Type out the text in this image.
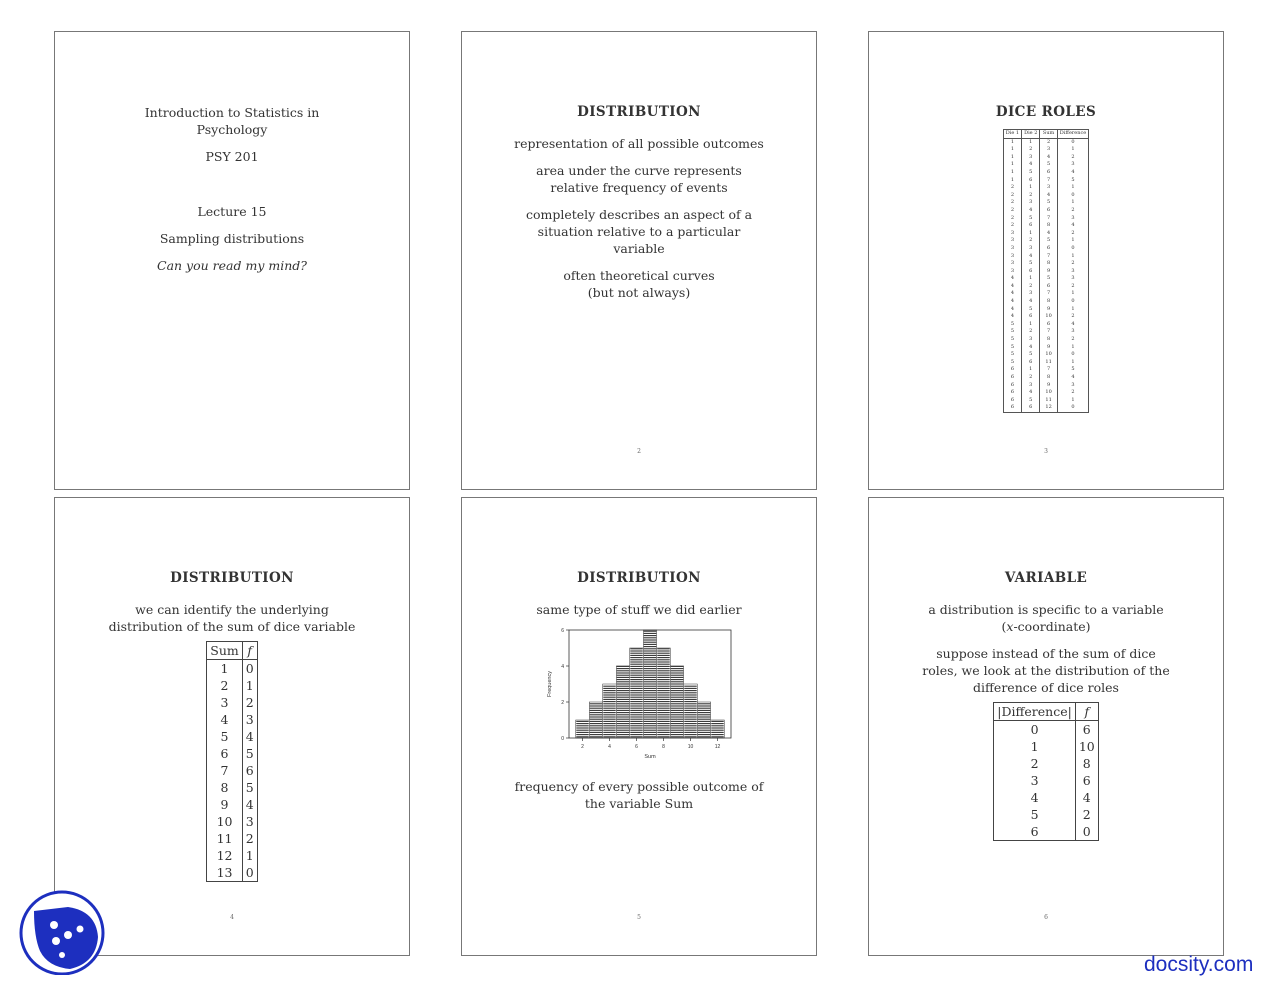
Introduction to Statistics in
Psychology

PSY 201

Lecture 15

Sampling distributions

Can you read my mind?

DISTRIBUTION

representation of all possible outcomes

area under the curve represents
relative frequency of events

completely describes an aspect of a
situation relative to a particular
variable

often theoretical curves
(but not always)

2

DICE ROLES

Die 1	Die 2	Sum	Difference
1	1	2	0
1	2	3	1
1	3	4	2
1	4	5	3
1	5	6	4
1	6	7	5
2	1	3	1
2	2	4	0
2	3	5	1
2	4	6	2
2	5	7	3
2	6	8	4
3	1	4	2
3	2	5	1
3	3	6	0
3	4	7	1
3	5	8	2
3	6	9	3
4	1	5	3
4	2	6	2
4	3	7	1
4	4	8	0
4	5	9	1
4	6	10	2
5	1	6	4
5	2	7	3
5	3	8	2
5	4	9	1
5	5	10	0
5	6	11	1
6	1	7	5
6	2	8	4
6	3	9	3
6	4	10	2
6	5	11	1
6	6	12	0
3

DISTRIBUTION

we can identify the underlying
distribution of the sum of dice variable

Sum	f
1	0
2	1
3	2
4	3
5	4
6	5
7	6
8	5
9	4
10	3
11	2
12	1
13	0
4

DISTRIBUTION

same type of stuff we did earlier

2	4	6	8	10	12
0
2
4
6
Sum
Frequency

frequency of every possible outcome of
the variable Sum

5

VARIABLE

a distribution is specific to a variable
(x-coordinate)

suppose instead of the sum of dice
roles, we look at the distribution of the
difference of dice roles

|Difference|	f
0	6
1	10
2	8
3	6
4	4
5	2
6	0
6
docsity.com
